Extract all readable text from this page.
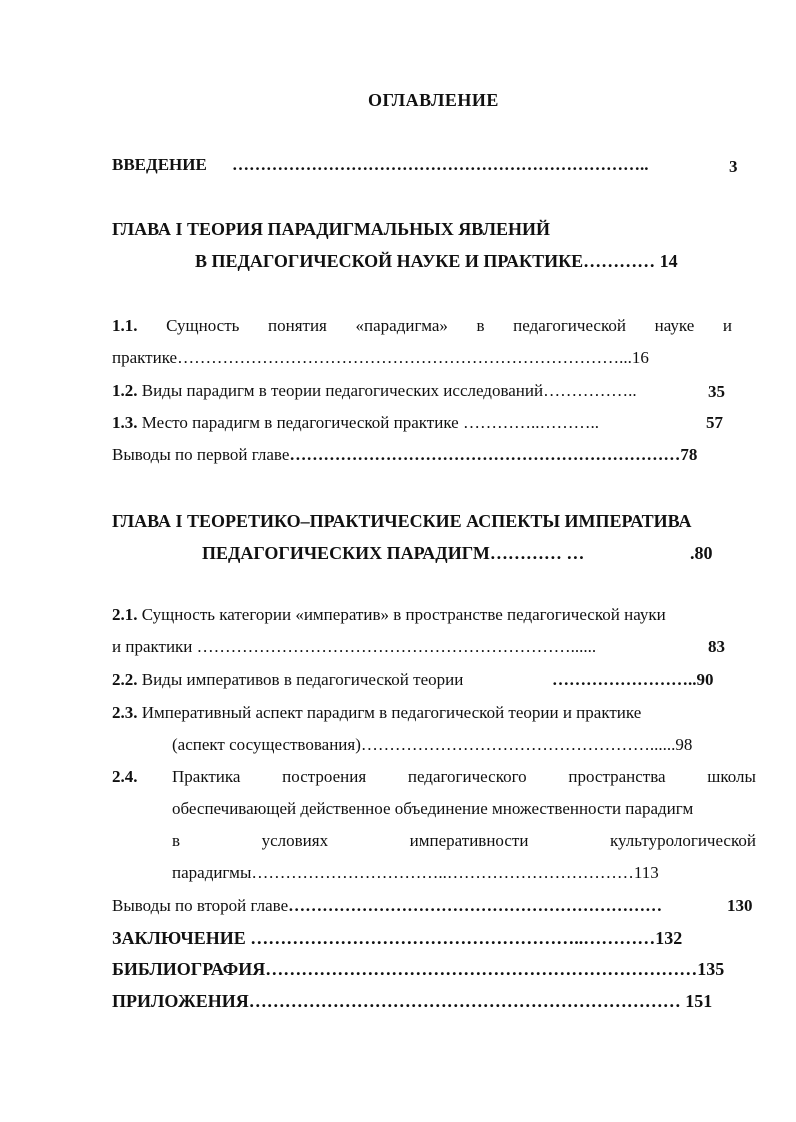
ОГЛАВЛЕНИЕ
ВВЕДЕНИЕ ………………………………………………………………..	3
ГЛАВА I ТЕОРИЯ ПАРАДИГМАЛЬНЫХ ЯВЛЕНИЙ
В ПЕДАГОГИЧЕСКОЙ НАУКЕ И ПРАКТИКЕ………… 14
1.1. Сущность понятия «парадигма» в педагогической науке и
практике……………………………………………………………………...16
1.2. Виды парадигм в теории педагогических исследований……………..	35
1.3. Место парадигм в педагогической практике …………..………..	57
Выводы по первой главе……………………………………………………………78
ГЛАВА I ТЕОРЕТИКО–ПРАКТИЧЕСКИЕ АСПЕКТЫ ИМПЕРАТИВА
ПЕДАГОГИЧЕСКИХ ПАРАДИГМ………… …	.80
2.1. Сущность категории «императив» в пространстве педагогической науки
и практики …………………………………………………………......	83
2.2. Виды императивов в педагогической теории	……………………..90
2.3. Императивный аспект парадигм в педагогической теории и практике
(аспект сосуществования)……………………………………………......98
2.4. Практика построения педагогического пространства школы
обеспечивающей действенное объединение множественности парадигм
в	условиях	императивности	культурологической
парадигмы……………………………..……………………………113
Выводы по второй главе…………………………………………………………	130
ЗАКЛЮЧЕНИЕ ………………………………………………..…………132
БИБЛИОГРАФИЯ………………………………………………………………135
ПРИЛОЖЕНИЯ……………………………………………………………… 151
